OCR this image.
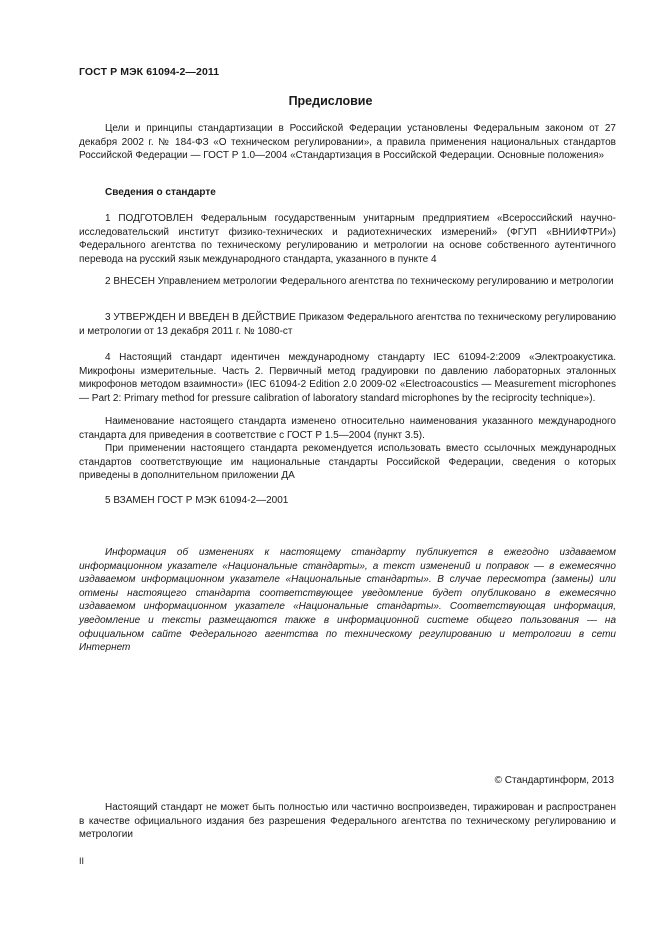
ГОСТ Р МЭК 61094-2—2011
Предисловие

Цели и принципы стандартизации в Российской Федерации установлены Федеральным законом от 27 декабря 2002 г. № 184-ФЗ «О техническом регулировании», а правила применения национальных стандартов Российской Федерации — ГОСТ Р 1.0—2004 «Стандартизация в Российской Федерации. Основные положения»

Сведения о стандарте

1 ПОДГОТОВЛЕН Федеральным государственным унитарным предприятием «Всероссийский научно-исследовательский институт физико-технических и радиотехнических измерений» (ФГУП «ВНИИФТРИ») Федерального агентства по техническому регулированию и метрологии на основе собственного аутентичного перевода на русский язык международного стандарта, указанного в пункте 4

2 ВНЕСЕН Управлением метрологии Федерального агентства по техническому регулированию и метрологии

3 УТВЕРЖДЕН И ВВЕДЕН В ДЕЙСТВИЕ Приказом Федерального агентства по техническому регулированию и метрологии от 13 декабря 2011 г. № 1080-ст

4 Настоящий стандарт идентичен международному стандарту IEC 61094-2:2009 «Электроакустика. Микрофоны измерительные. Часть 2. Первичный метод градуировки по давлению лабораторных эталонных микрофонов методом взаимности» (IEC 61094-2 Edition 2.0 2009-02 «Electroacoustics — Measurement microphones — Part 2: Primary method for pressure calibration of laboratory standard microphones by the reciprocity technique»).

Наименование настоящего стандарта изменено относительно наименования указанного международного стандарта для приведения в соответствие с ГОСТ Р 1.5—2004 (пункт 3.5).

При применении настоящего стандарта рекомендуется использовать вместо ссылочных международных стандартов соответствующие им национальные стандарты Российской Федерации, сведения о которых приведены в дополнительном приложении ДА

5 ВЗАМЕН ГОСТ Р МЭК 61094-2—2001

Информация об изменениях к настоящему стандарту публикуется в ежегодно издаваемом информационном указателе «Национальные стандарты», а текст изменений и поправок — в ежемесячно издаваемом информационном указателе «Национальные стандарты». В случае пересмотра (замены) или отмены настоящего стандарта соответствующее уведомление будет опубликовано в ежемесячно издаваемом информационном указателе «Национальные стандарты». Соответствующая информация, уведомление и тексты размещаются также в информационной системе общего пользования — на официальном сайте Федерального агентства по техническому регулированию и метрологии в сети Интернет

© Стандартинформ, 2013

Настоящий стандарт не может быть полностью или частично воспроизведен, тиражирован и распространен в качестве официального издания без разрешения Федерального агентства по техническому регулированию и метрологии

II
